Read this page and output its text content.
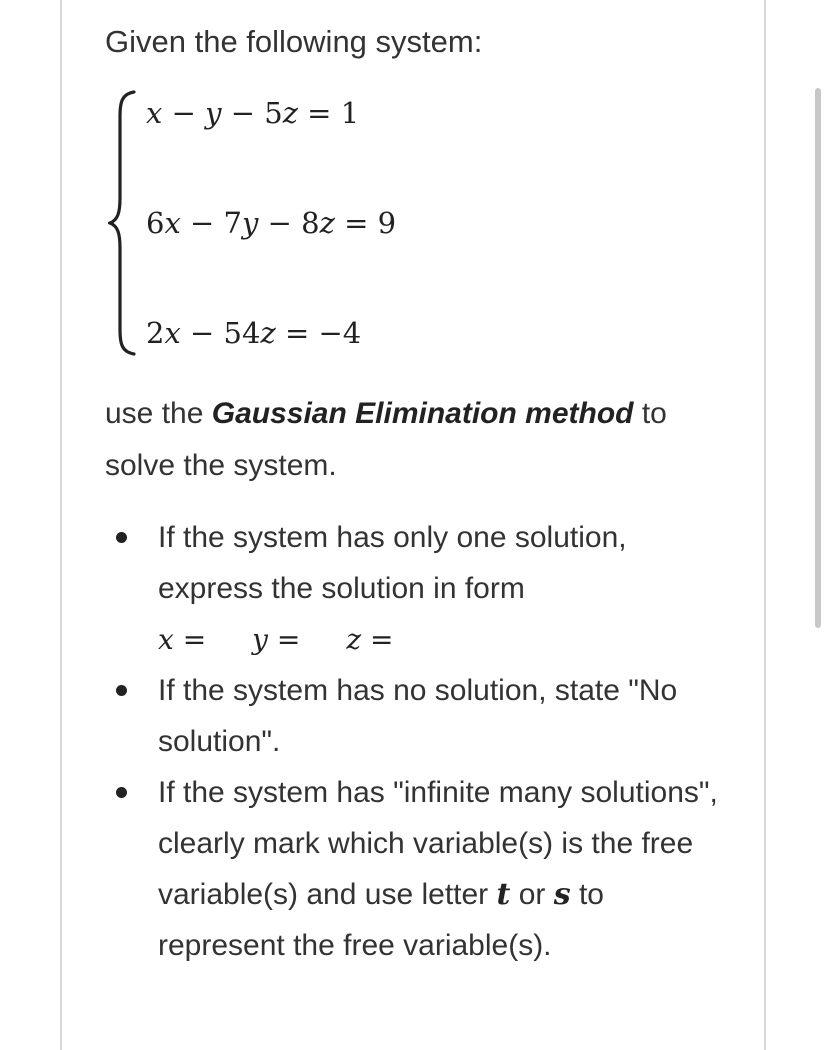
Given the following system:

x − y − 5z = 1

6x − 7y − 8z = 9

2x − 54z = −4

use the Gaussian Elimination method to solve the system.

If the system has only one solution, express the solution in form
x = y = z =
If the system has no solution, state "No solution".
If the system has "infinite many solutions", clearly mark which variable(s) is the free variable(s) and use letter t or s to represent the free variable(s).
